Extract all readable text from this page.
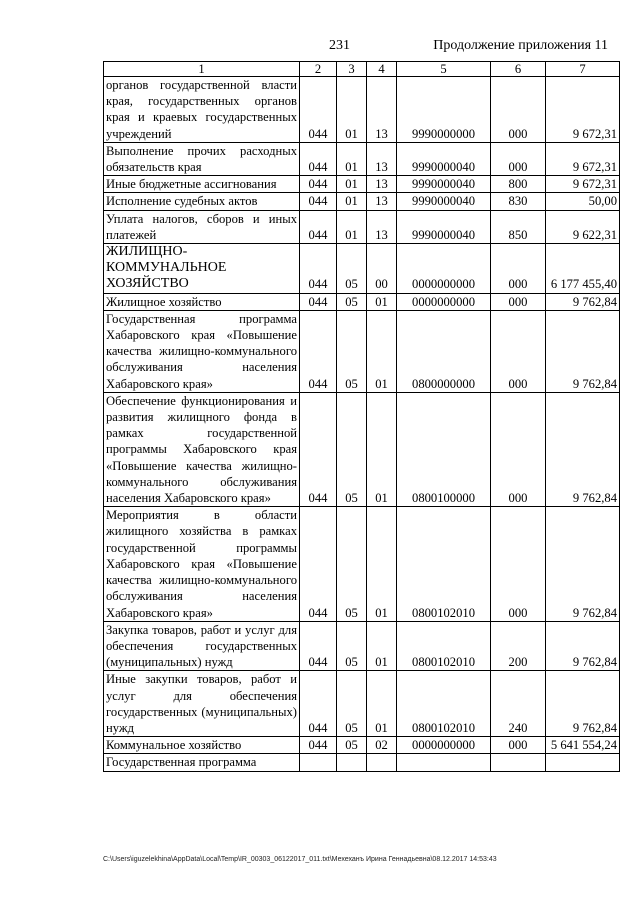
231	Продолжение приложения 11
1	2	3	4	5	6	7
органов государственной власти края, государственных органов края и краевых государственных учреждений	044	01	13	9990000000	000	9 672,31
Выполнение прочих расходных обязательств края	044	01	13	9990000040	000	9 672,31
Иные бюджетные ассигнования	044	01	13	9990000040	800	9 672,31
Исполнение судебных актов	044	01	13	9990000040	830	50,00
Уплата налогов, сборов и иных платежей	044	01	13	9990000040	850	9 622,31
ЖИЛИЩНО-КОММУНАЛЬНОЕ ХОЗЯЙСТВО	044	05	00	0000000000	000	6 177 455,40
Жилищное хозяйство	044	05	01	0000000000	000	9 762,84
Государственная программа Хабаровского края «Повышение качества жилищно-коммунального обслуживания населения Хабаровского края»	044	05	01	0800000000	000	9 762,84
Обеспечение функционирования и развития жилищного фонда в рамках государственной программы Хабаровского края «Повышение качества жилищно-коммунального обслуживания населения Хабаровского края»	044	05	01	0800100000	000	9 762,84
Мероприятия в области жилищного хозяйства в рамках государственной программы Хабаровского края «Повышение качества жилищно-коммунального обслуживания населения Хабаровского края»	044	05	01	0800102010	000	9 762,84
Закупка товаров, работ и услуг для обеспечения государственных (муниципальных) нужд	044	05	01	0800102010	200	9 762,84
Иные закупки товаров, работ и услуг для обеспечения государственных (муниципальных) нужд	044	05	01	0800102010	240	9 762,84
Коммунальное хозяйство	044	05	02	0000000000	000	5 641 554,24
Государственная программа						
C:\Users\iguzelekhina\AppData\Local\Temp\IR_00303_06122017_011.txt\Мехеханъ Ирина Геннадьевна\08.12.2017 14:53:43
